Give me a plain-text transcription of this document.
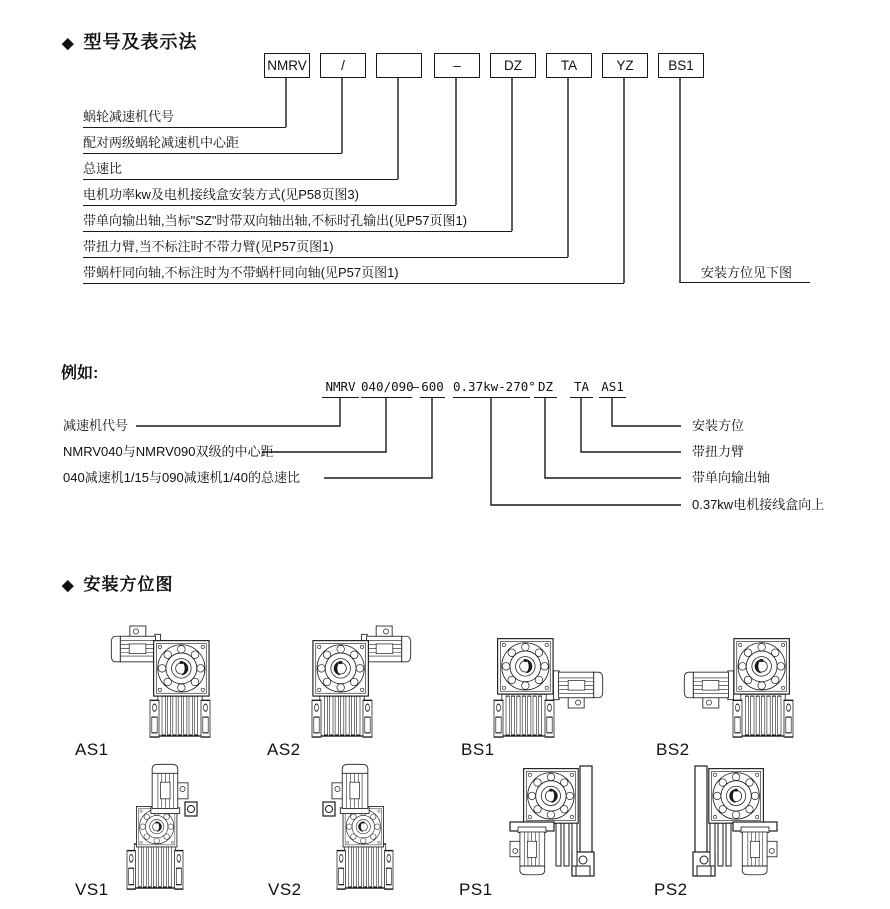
◆ 型号及表示法
NMRV	/	–	DZ	TA	YZ	BS1
蜗轮减速机代号
配对两级蜗轮减速机中心距
总速比
电机功率kw及电机接线盒安装方式(见P58页图3)
带单向输出轴,当标"SZ"时带双向轴出轴,不标时孔输出(见P57页图1)
带扭力臂,当不标注时不带力臂(见P57页图1)
带蜗杆同向轴,不标注时为不带蜗杆同向轴(见P57页图1)	安装方位见下图
例如:
NMRV 040/090
— 600 0.37kw-270° DZ	TA AS1
减速机代号
NMRV040与NMRV090双级的中心距
040减速机1/15与090减速机1/40的总速比
安装方位
带扭力臂
带单向输出轴
0.37kw电机接线盒向上
◆ 安装方位图
AS1	AS2	BS1	BS2
VS1	VS2	PS1	PS2
